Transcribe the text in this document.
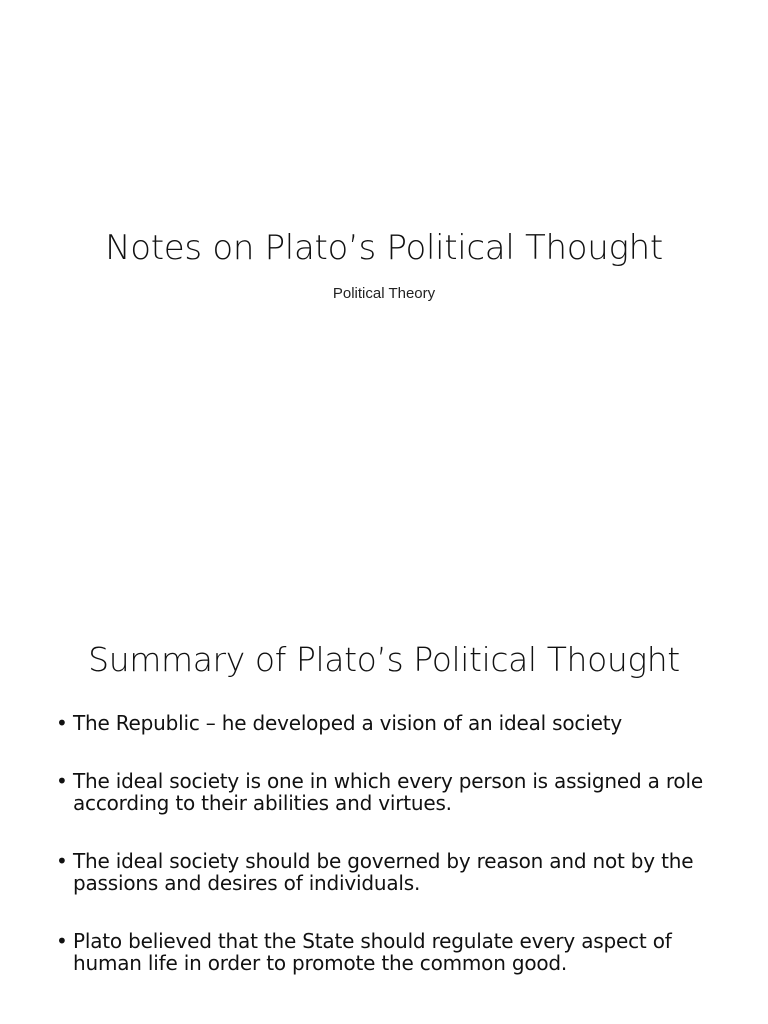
Notes on Plato’s Political Thought
Political Theory
Summary of Plato’s Political Thought
• The Republic – he developed a vision of an ideal society
• The ideal society is one in which every person is assigned a role according to their abilities and virtues.
• The ideal society should be governed by reason and not by the passions and desires of individuals.
• Plato believed that the State should regulate every aspect of human life in order to promote the common good.
